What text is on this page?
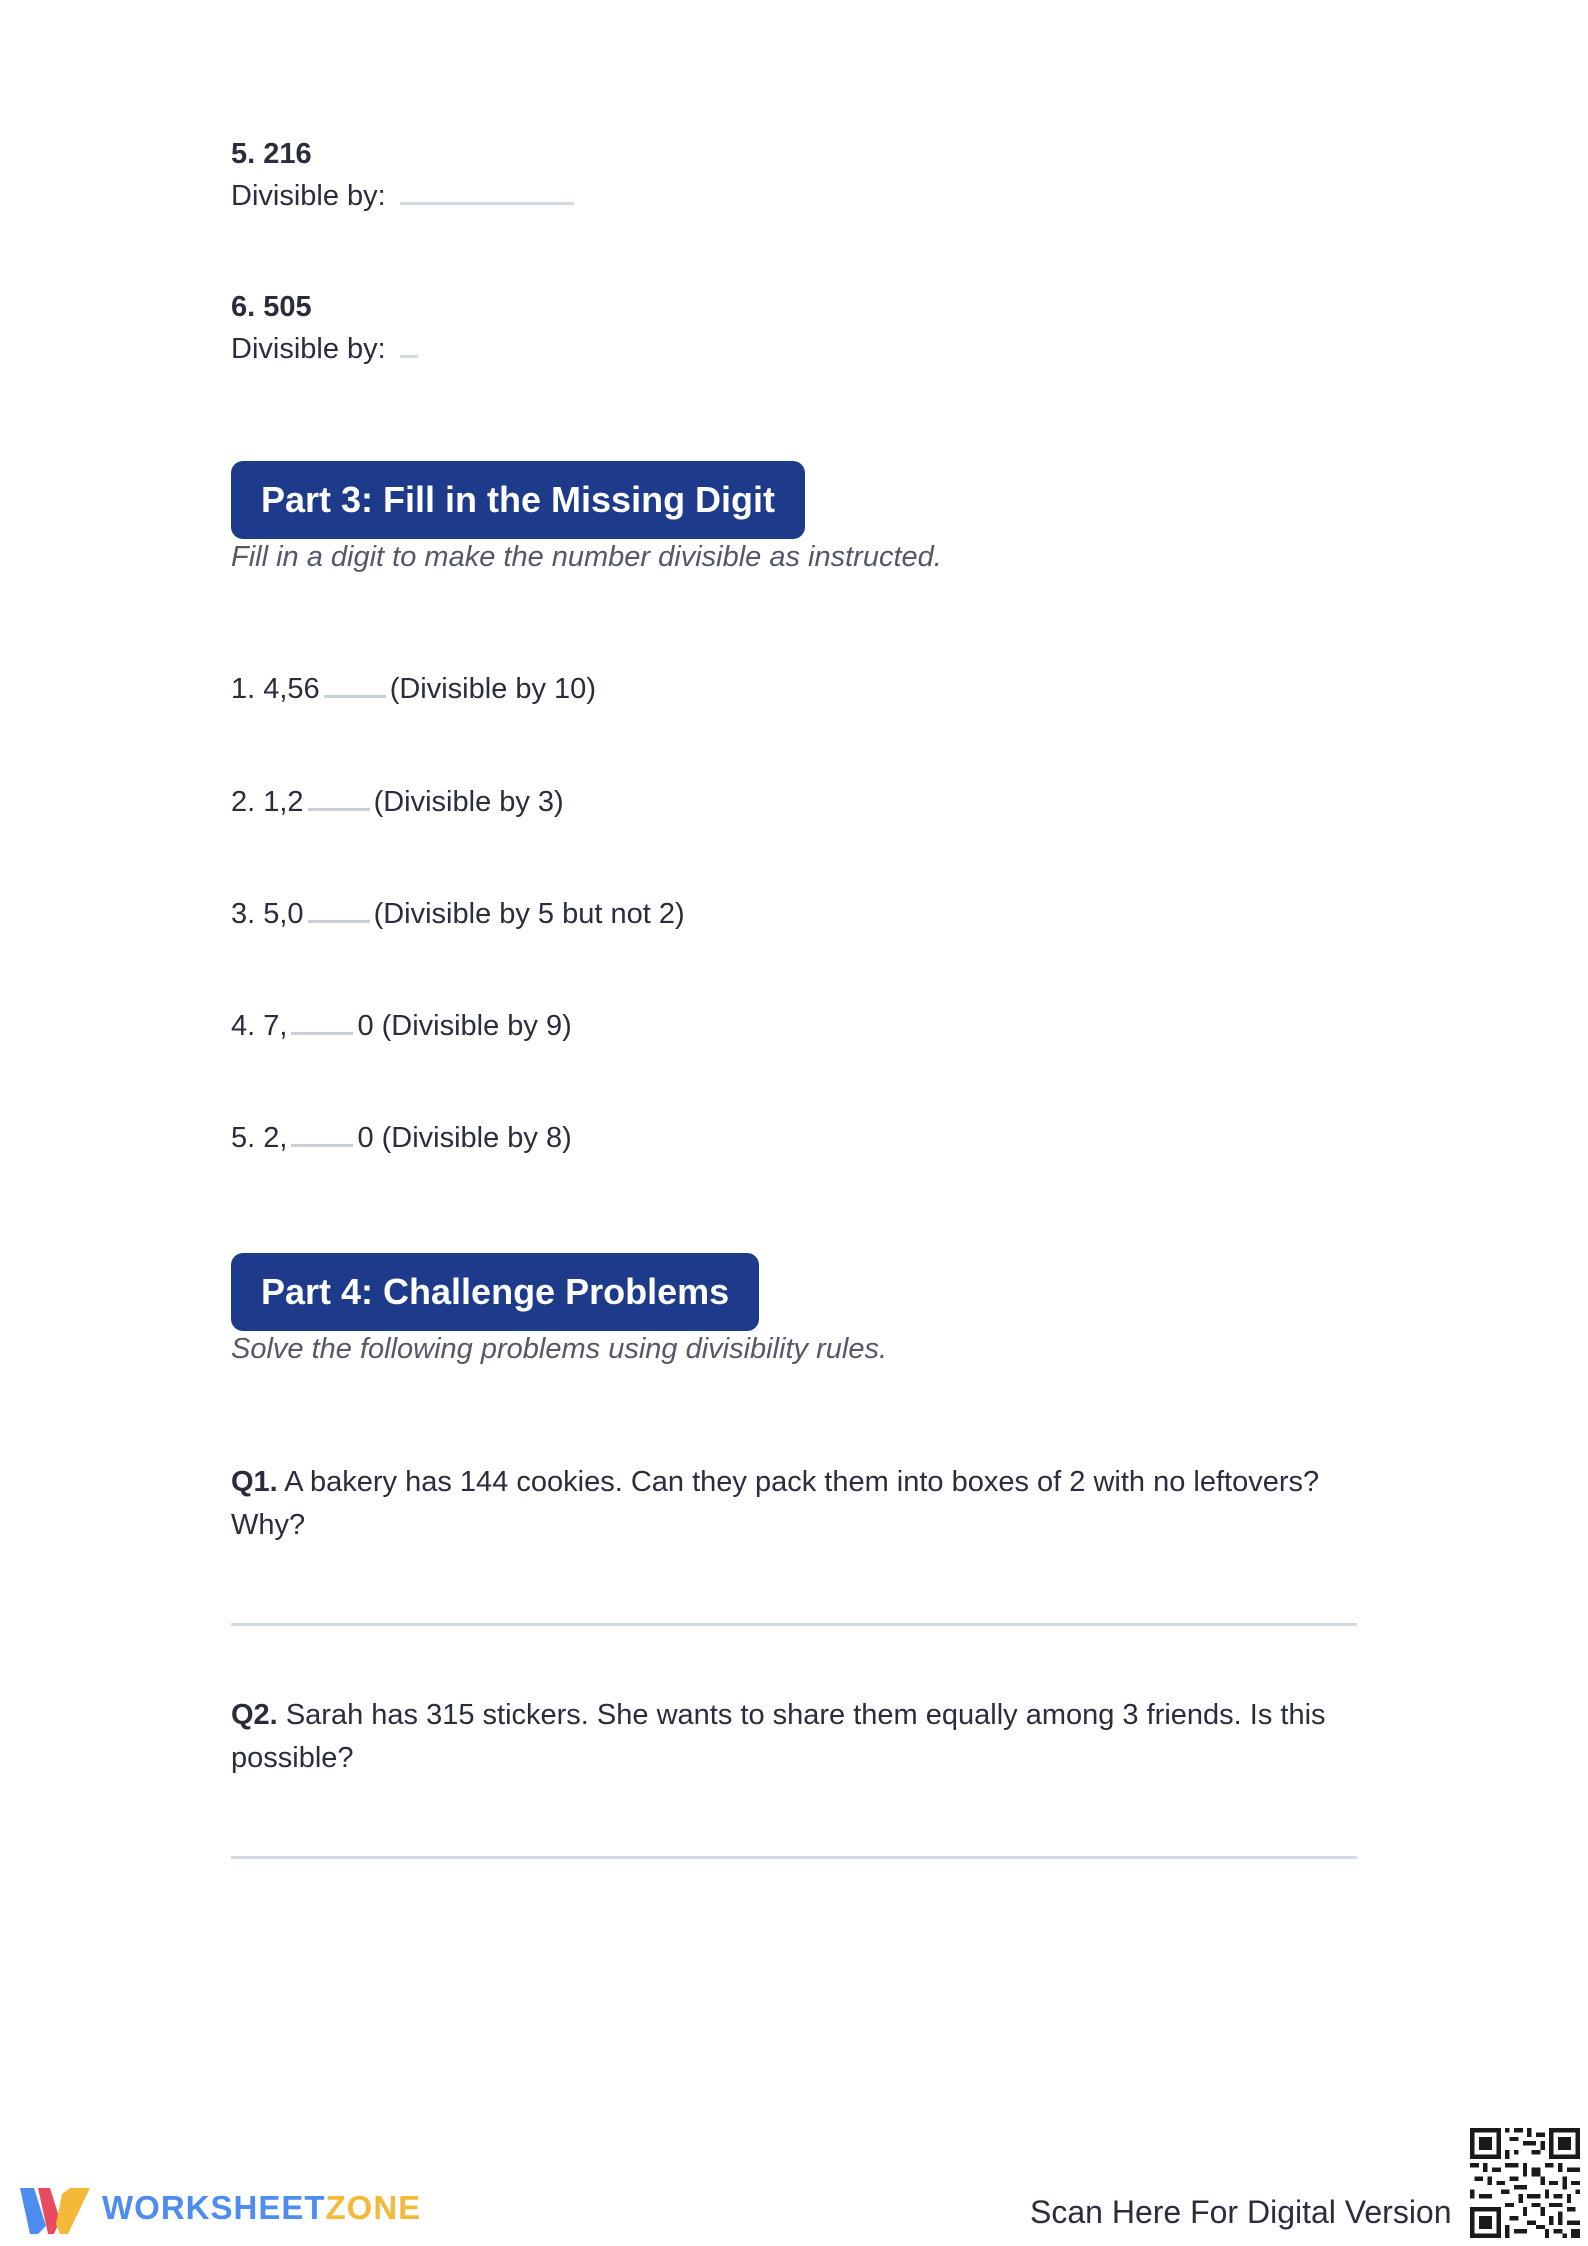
5. 216
Divisible by:
6. 505
Divisible by:
Part 3: Fill in the Missing Digit
Fill in a digit to make the number divisible as instructed.
1. 4,56 (Divisible by 10)
2. 1,2 (Divisible by 3)
3. 5,0 (Divisible by 5 but not 2)
4. 7, 0 (Divisible by 9)
5. 2, 0 (Divisible by 8)
Part 4: Challenge Problems
Solve the following problems using divisibility rules.
Q1. A bakery has 144 cookies. Can they pack them into boxes of 2 with no leftovers? Why?
Q2. Sarah has 315 stickers. She wants to share them equally among 3 friends. Is this possible?
WORKSHEETZONE	Scan Here For Digital Version
